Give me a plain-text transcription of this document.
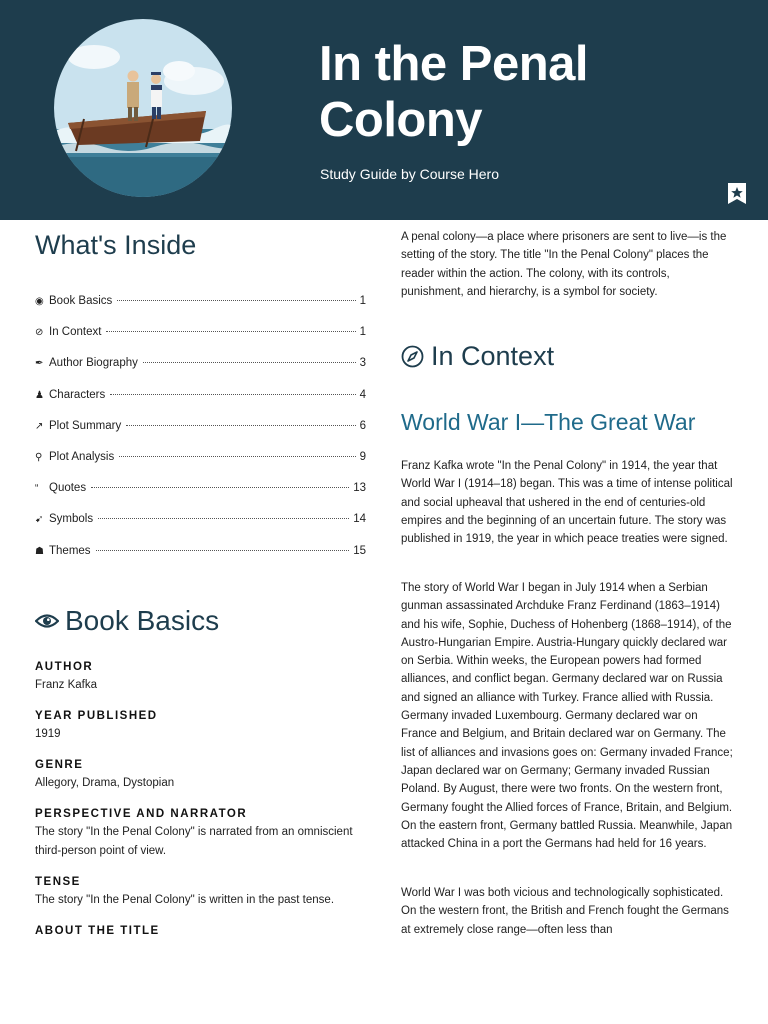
In the Penal Colony
Study Guide by Course Hero
What's Inside
◉ Book Basics	1
⊘ In Context	1
✒ Author Biography	3
♟ Characters	4
↗ Plot Summary	6
⚲ Plot Analysis	9
“ Quotes	13
➹ Symbols	14
☗ Themes	15
Book Basics
AUTHOR
Franz Kafka
YEAR PUBLISHED
1919
GENRE
Allegory, Drama, Dystopian
PERSPECTIVE AND NARRATOR
The story "In the Penal Colony" is narrated from an omniscient third-person point of view.
TENSE
The story "In the Penal Colony" is written in the past tense.
ABOUT THE TITLE

A penal colony—a place where prisoners are sent to live—is the setting of the story. The title "In the Penal Colony" places the reader within the action. The colony, with its controls, punishment, and hierarchy, is a symbol for society.

In Context
World War I—The Great War

Franz Kafka wrote "In the Penal Colony" in 1914, the year that World War I (1914–18) began. This was a time of intense political and social upheaval that ushered in the end of centuries-old empires and the beginning of an uncertain future. The story was published in 1919, the year in which peace treaties were signed.

The story of World War I began in July 1914 when a Serbian gunman assassinated Archduke Franz Ferdinand (1863–1914) and his wife, Sophie, Duchess of Hohenberg (1868–1914), of the Austro-Hungarian Empire. Austria-Hungary quickly declared war on Serbia. Within weeks, the European powers had formed alliances, and conflict began. Germany declared war on Russia and signed an alliance with Turkey. France allied with Russia. Germany invaded Luxembourg. Germany declared war on France and Belgium, and Britain declared war on Germany. The list of alliances and invasions goes on: Germany invaded France; Japan declared war on Germany; Germany invaded Russian Poland. By August, there were two fronts. On the western front, Germany fought the Allied forces of France, Britain, and Belgium. On the eastern front, Germany battled Russia. Meanwhile, Japan attacked China in a port the Germans had held for 16 years.

World War I was both vicious and technologically sophisticated. On the western front, the British and French fought the Germans at extremely close range—often less than
